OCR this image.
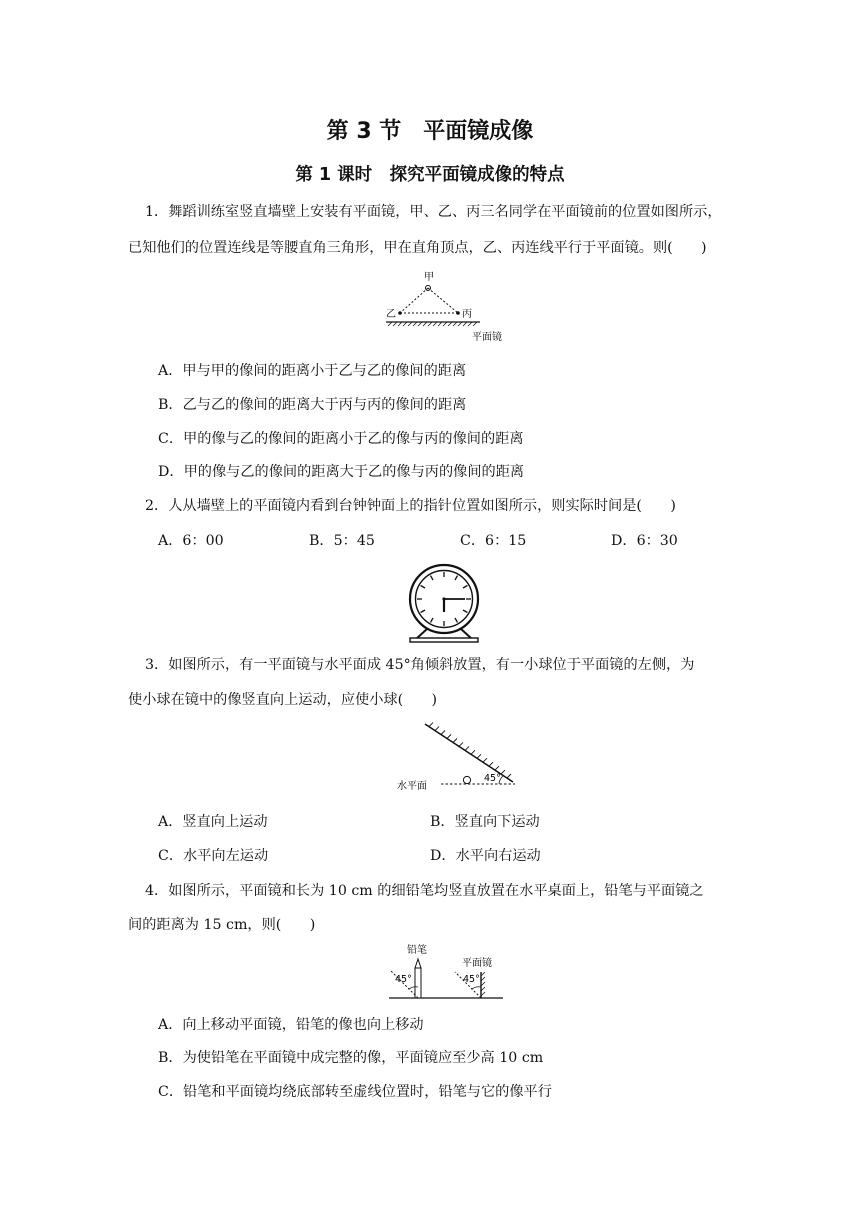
第 3 节　平面镜成像
第 1 课时　探究平面镜成像的特点
1．舞蹈训练室竖直墙壁上安装有平面镜，甲、乙、丙三名同学在平面镜前的位置如图所示，
已知他们的位置连线是等腰直角三角形，甲在直角顶点，乙、丙连线平行于平面镜。则(　　)
甲
乙	丙
平面镜
A．甲与甲的像间的距离小于乙与乙的像间的距离
B．乙与乙的像间的距离大于丙与丙的像间的距离
C．甲的像与乙的像间的距离小于乙的像与丙的像间的距离
D．甲的像与乙的像间的距离大于乙的像与丙的像间的距离
2．人从墙壁上的平面镜内看到台钟钟面上的指针位置如图所示，则实际时间是(　　)
A．6：00	B．5：45	C．6：15	D．6：30
3．如图所示，有一平面镜与水平面成 45°角倾斜放置，有一小球位于平面镜的左侧，为
使小球在镜中的像竖直向上运动，应使小球(　　)
45°
水平面
A．竖直向上运动	B．竖直向下运动
C．水平向左运动	D．水平向右运动
4．如图所示，平面镜和长为 10 cm 的细铅笔均竖直放置在水平桌面上，铅笔与平面镜之
间的距离为 15 cm，则(　　)
铅笔
平面镜
45°	45°
A．向上移动平面镜，铅笔的像也向上移动
B．为使铅笔在平面镜中成完整的像，平面镜应至少高 10 cm
C．铅笔和平面镜均绕底部转至虚线位置时，铅笔与它的像平行
